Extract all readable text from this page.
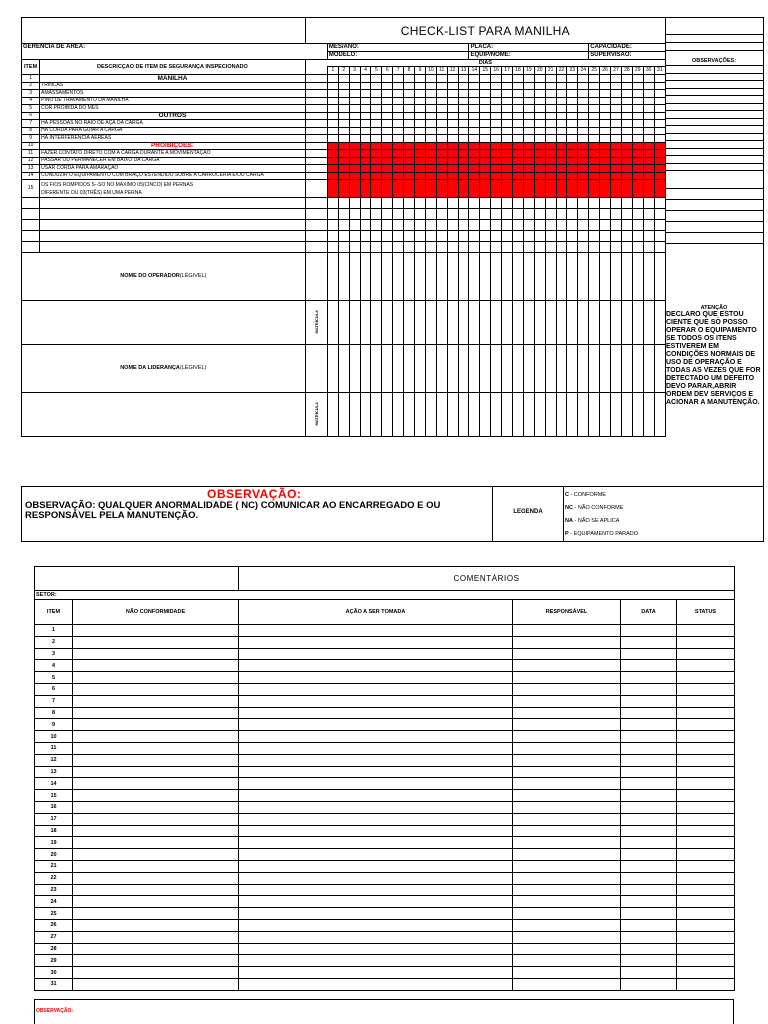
		CHECK-LIST PARA MANILHA																															
GERÊNCIA DE ÁREA:			MÊS/ANO:													PLACA:											CAPACIDADE:						
			MODELO:													EQUIP/NOME:											SUPERVISÃO:						
ITEM	DESCRICÇAO DE ITEM DE SEGURANÇA INSPECIONADO	DIAS																															
			1	2	3	4	5	6	7	8	9	10	11	12	13	14	15	16	17	18	19	20	21	22	23	24	25	26	27	28	29	30	31
1	MANILHA																																
2	TRINCAS																																
3	AMASSAMENTOS																																
4	PINO DE TRAVAMENTO DA MANILHA																																
5	COR PROIBIDA DO MÊS																																
6	OUTROS																																
7	HÁ PESSOAS NO RAIO DE AÇÃ DA CARGA																																
8	HÁ CORDA PARA GUIAR A CARGA																																
9	HÁ INTERFERÊNCIA ÁEREAS																																
10	PROIBIÇÕES:																																
11	FAZER CONTATO DIRETO COM A CARGA DURANTE A MOVIMENTAÇÃO																																
12	PASSAR OU PERMANECER EM BAIXO DA CARGA																																
13	USAR CORDA PARA AMARAÇÃO																																
14	CONDUZIR O EQUIPAMENTO COM BRAÇO ESTENDIDO SOBRE A CARROCERIA E/OU CARGA																																
15	OS FIOS ROMPIDOS S--SO NO MÁXIMO 05(CINCO) EM PERNAS
DIFERENTE OU 03(TRÊS) EM UMA PERNA																																

NOME DO OPERADOR(LÉGIVEL)																																	
		MATRÍCULA																															
NOME DA LIDERANÇA(LÉGIVEL)																																	
		MATRÍCULA																															
OBSERVAÇÕES:
ATENÇÃO
DECLARO QUE ESTOU CIENTE QUE SÓ POSSO OPERAR O EQUIPAMENTO SE TODOS OS ITENS ESTIVEREM EM CONDIÇÕES NORMAIS DE USO DE OPERAÇÃO E TODAS AS VEZES QUE FOR DETECTADO UM DEFEITO DEVO PARAR,ABRIR ORDEM DEV SERVIÇOS E ACIONAR A MANUTENÇÃO.
OBSERVAÇÃO:
OBSERVAÇÃO: QUALQUER ANORMALIDADE ( NC) COMUNICAR AO ENCARREGADO E OU RESPONSÁVEL PELA MANUTENÇÃO.	LEGENDA
C - CONFORME
NC - NÃO CONFORME
NA - NÃO SE APLICA
P - EQUIPAMENTO PARADO
		COMENTÁRIOS			
SETOR:					
ITEM	NÃO CONFORMIDADE	AÇÃO A SER TOMADA	RESPONSÁVEL	DATA	STATUS
1					
2					
3					
4					
5					
6					
7					
8					
9					
10					
11					
12					
13					
14					
15					
16					
17					
18					
19					
20					
21					
22					
23					
24					
25					
26					
27					
28					
29					
30					
31					
OBSERVAÇÃO:
